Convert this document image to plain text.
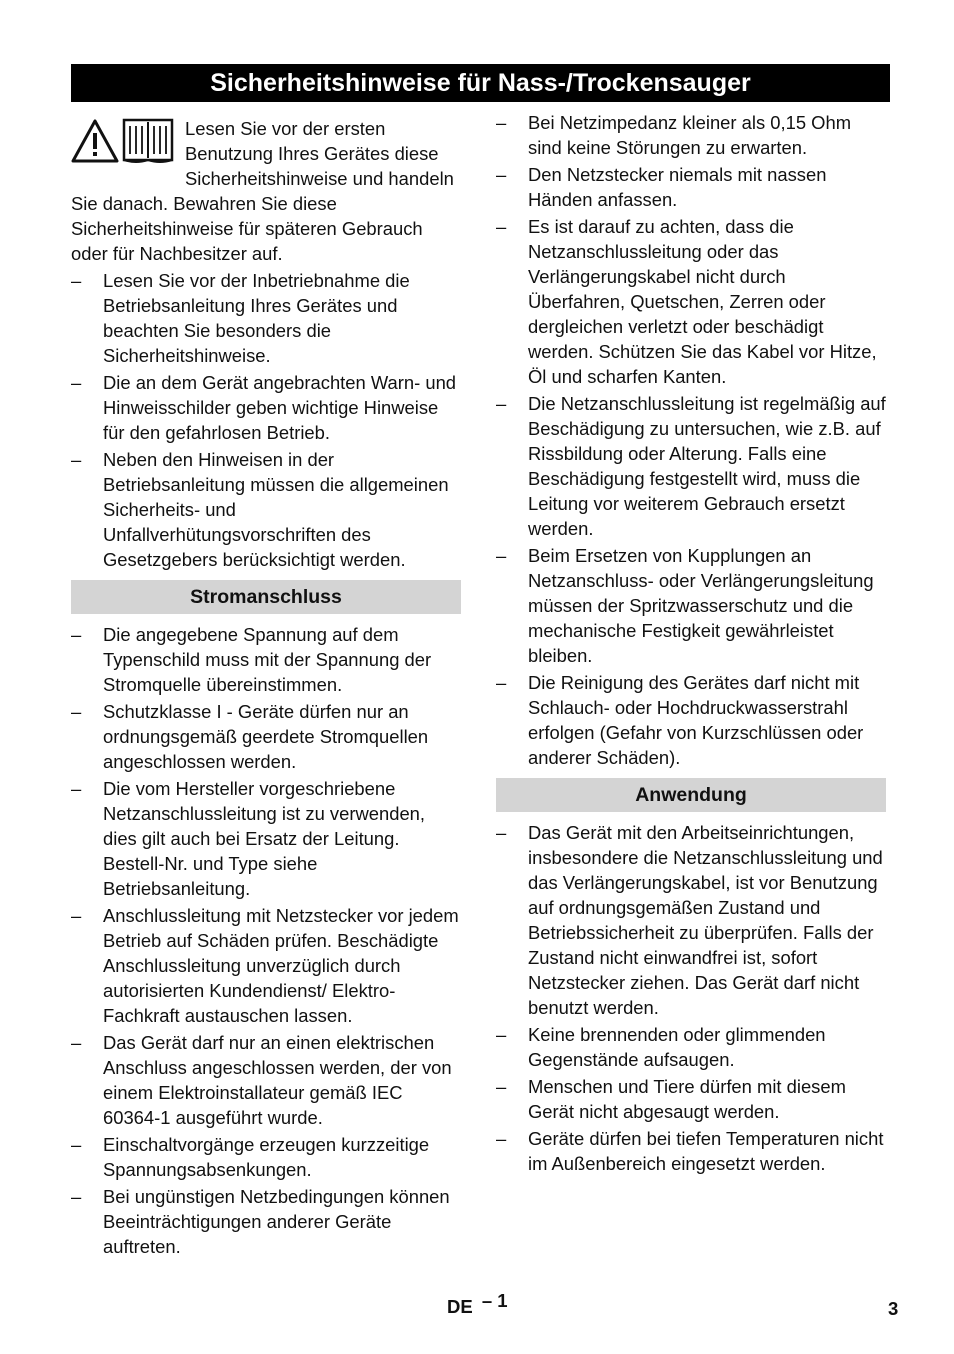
Sicherheitshinweise für Nass-/Trockensauger
Lesen Sie vor der ersten Benutzung Ihres Gerätes diese Sicherheitshinweise und handeln Sie danach. Bewahren Sie diese Sicherheitshinweise für späteren Gebrauch oder für Nachbesitzer auf.
– Lesen Sie vor der Inbetriebnahme die Betriebsanleitung Ihres Gerätes und beachten Sie besonders die Sicherheitshinweise.
– Die an dem Gerät angebrachten Warn- und Hinweisschilder geben wichtige Hinweise für den gefahrlosen Betrieb.
– Neben den Hinweisen in der Betriebsanleitung müssen die allgemeinen Sicherheits- und Unfallverhütungsvorschriften des Gesetzgebers berücksichtigt werden.
Stromanschluss
– Die angegebene Spannung auf dem Typenschild muss mit der Spannung der Stromquelle übereinstimmen.
– Schutzklasse I - Geräte dürfen nur an ordnungsgemäß geerdete Stromquellen angeschlossen werden.
– Die vom Hersteller vorgeschriebene Netzanschlussleitung ist zu verwenden, dies gilt auch bei Ersatz der Leitung. Bestell-Nr. und Type siehe Betriebsanleitung.
– Anschlussleitung mit Netzstecker vor jedem Betrieb auf Schäden prüfen. Beschädigte Anschlussleitung unverzüglich durch autorisierten Kundendienst/ Elektro-Fachkraft austauschen lassen.
– Das Gerät darf nur an einen elektrischen Anschluss angeschlossen werden, der von einem Elektroinstallateur gemäß IEC 60364-1 ausgeführt wurde.
– Einschaltvorgänge erzeugen kurzzeitige Spannungsabsenkungen.
– Bei ungünstigen Netzbedingungen können Beeinträchtigungen anderer Geräte auftreten.
– Bei Netzimpedanz kleiner als 0,15 Ohm sind keine Störungen zu erwarten.
– Den Netzstecker niemals mit nassen Händen anfassen.
– Es ist darauf zu achten, dass die Netzanschlussleitung oder das Verlängerungskabel nicht durch Überfahren, Quetschen, Zerren oder dergleichen verletzt oder beschädigt werden. Schützen Sie das Kabel vor Hitze, Öl und scharfen Kanten.
– Die Netzanschlussleitung ist regelmäßig auf Beschädigung zu untersuchen, wie z.B. auf Rissbildung oder Alterung. Falls eine Beschädigung festgestellt wird, muss die Leitung vor weiterem Gebrauch ersetzt werden.
– Beim Ersetzen von Kupplungen an Netzanschluss- oder Verlängerungsleitung müssen der Spritzwasserschutz und die mechanische Festigkeit gewährleistet bleiben.
– Die Reinigung des Gerätes darf nicht mit Schlauch- oder Hochdruckwasserstrahl erfolgen (Gefahr von Kurzschlüssen oder anderer Schäden).
Anwendung
– Das Gerät mit den Arbeitseinrichtungen, insbesondere die Netzanschlussleitung und das Verlängerungskabel, ist vor Benutzung auf ordnungsgemäßen Zustand und Betriebssicherheit zu überprüfen. Falls der Zustand nicht einwandfrei ist, sofort Netzstecker ziehen. Das Gerät darf nicht benutzt werden.
– Keine brennenden oder glimmenden Gegenstände aufsaugen.
– Menschen und Tiere dürfen mit diesem Gerät nicht abgesaugt werden.
– Geräte dürfen bei tiefen Temperaturen nicht im Außenbereich eingesetzt werden.
DE – 1	3
